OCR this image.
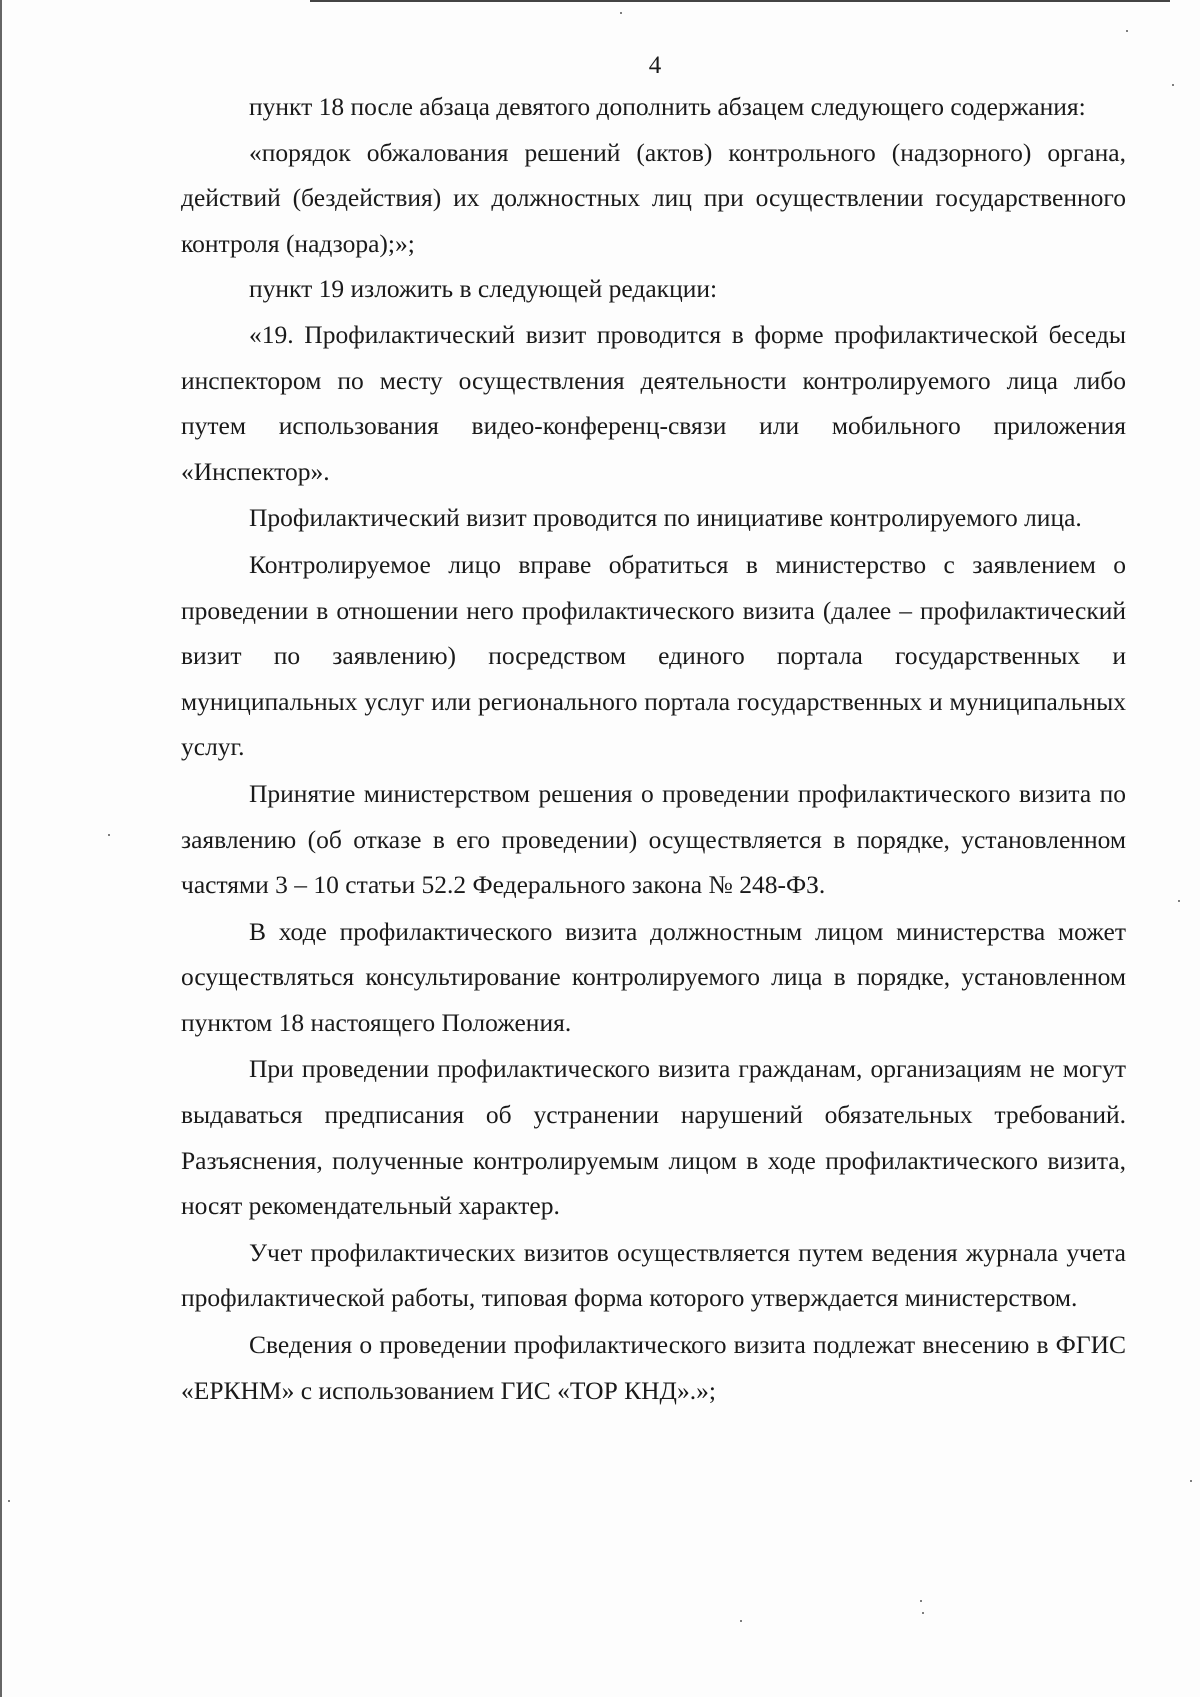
4

пункт 18 после абзаца девятого дополнить абзацем следующего содержания:

«порядок обжалования решений (актов) контрольного (надзорного) органа, действий (бездействия) их должностных лиц при осуществлении государственного контроля (надзора);»;

пункт 19 изложить в следующей редакции:

«19. Профилактический визит проводится в форме профилактической беседы инспектором по месту осуществления деятельности контролируемого лица либо путем использования видео-конференц-связи или мобильного приложения «Инспектор».

Профилактический визит проводится по инициативе контролируемого лица.

Контролируемое лицо вправе обратиться в министерство с заявлением о проведении в отношении него профилактического визита (далее – профилактический визит по заявлению) посредством единого портала государственных и муниципальных услуг или регионального портала государственных и муниципальных услуг.

Принятие министерством решения о проведении профилактического визита по заявлению (об отказе в его проведении) осуществляется в порядке, установленном частями 3 – 10 статьи 52.2 Федерального закона № 248-ФЗ.

В ходе профилактического визита должностным лицом министерства может осуществляться консультирование контролируемого лица в порядке, установленном пунктом 18 настоящего Положения.

При проведении профилактического визита гражданам, организациям не могут выдаваться предписания об устранении нарушений обязательных требований. Разъяснения, полученные контролируемым лицом в ходе профилактического визита, носят рекомендательный характер.

Учет профилактических визитов осуществляется путем ведения журнала учета профилактической работы, типовая форма которого утверждается министерством.

Сведения о проведении профилактического визита подлежат внесению в ФГИС «ЕРКНМ» с использованием ГИС «ТОР КНД».»;
